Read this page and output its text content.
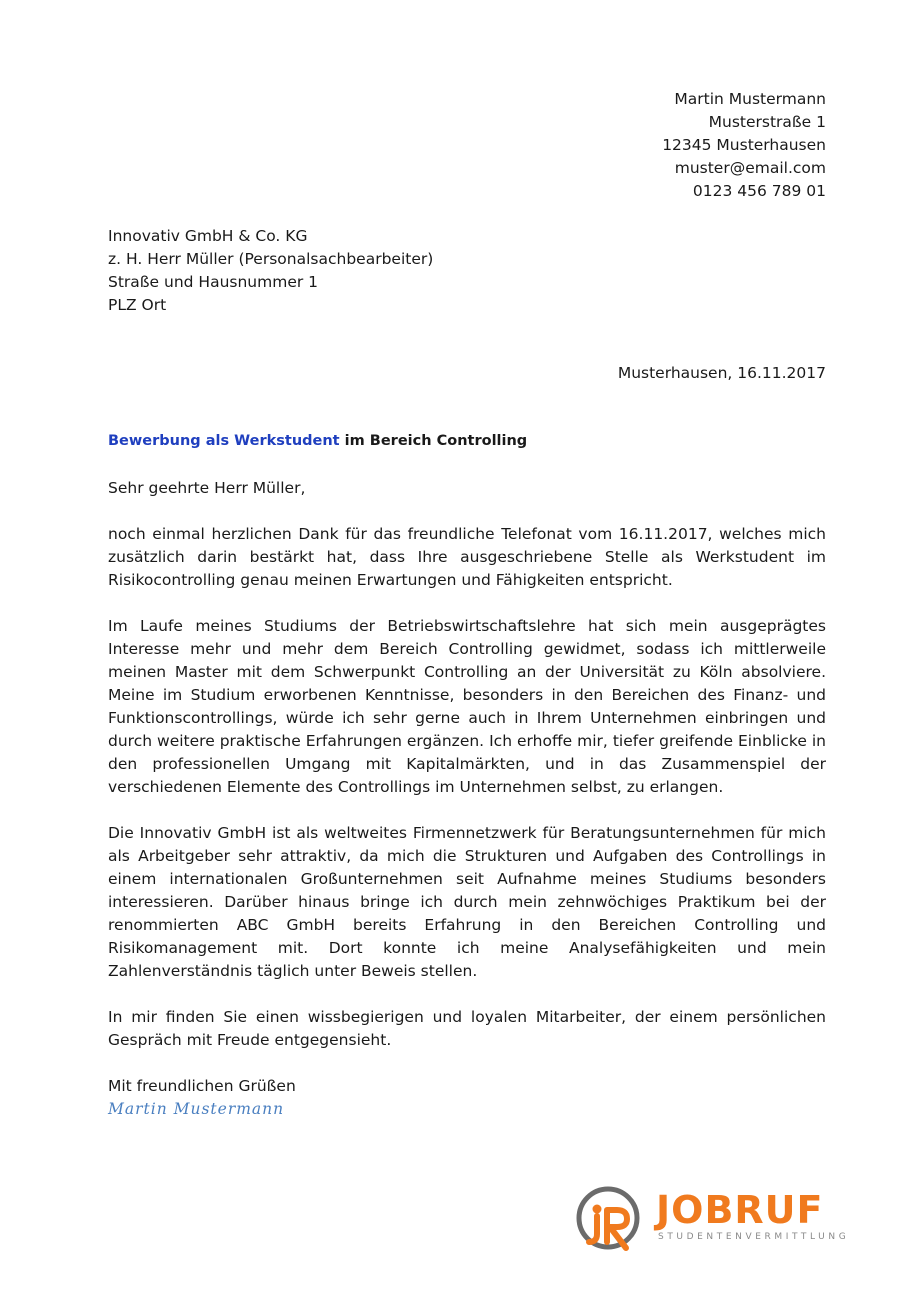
Martin Mustermann
Musterstraße 1
12345 Musterhausen
muster@email.com
0123 456 789 01
Innovativ GmbH & Co. KG
z. H. Herr Müller (Personalsachbearbeiter)
Straße und Hausnummer 1
PLZ Ort
Musterhausen, 16.11.2017
Bewerbung als Werkstudent im Bereich Controlling

Sehr geehrte Herr Müller,

noch einmal herzlichen Dank für das freundliche Telefonat vom 16.11.2017, welches mich zusätzlich darin bestärkt hat, dass Ihre ausgeschriebene Stelle als Werkstudent im Risikocontrolling genau meinen Erwartungen und Fähigkeiten entspricht.

Im Laufe meines Studiums der Betriebswirtschaftslehre hat sich mein ausgeprägtes Interesse mehr und mehr dem Bereich Controlling gewidmet, sodass ich mittlerweile meinen Master mit dem Schwerpunkt Controlling an der Universität zu Köln absolviere. Meine im Studium erworbenen Kenntnisse, besonders in den Bereichen des Finanz- und Funktionscontrollings, würde ich sehr gerne auch in Ihrem Unternehmen einbringen und durch weitere praktische Erfahrungen ergänzen. Ich erhoffe mir, tiefer greifende Einblicke in den professionellen Umgang mit Kapitalmärkten, und in das Zusammenspiel der verschiedenen Elemente des Controllings im Unternehmen selbst, zu erlangen.

Die Innovativ GmbH ist als weltweites Firmennetzwerk für Beratungsunternehmen für mich als Arbeitgeber sehr attraktiv, da mich die Strukturen und Aufgaben des Controllings in einem internationalen Großunternehmen seit Aufnahme meines Studiums besonders interessieren. Darüber hinaus bringe ich durch mein zehnwöchiges Praktikum bei der renommierten ABC GmbH bereits Erfahrung in den Bereichen Controlling und Risikomanagement mit. Dort konnte ich meine Analysefähigkeiten und mein Zahlenverständnis täglich unter Beweis stellen.

In mir finden Sie einen wissbegierigen und loyalen Mitarbeiter, der einem persönlichen Gespräch mit Freude entgegensieht.

Mit freundlichen Grüßen

Martin Mustermann

JOBRUF
STUDENTENVERMITTLUNG
